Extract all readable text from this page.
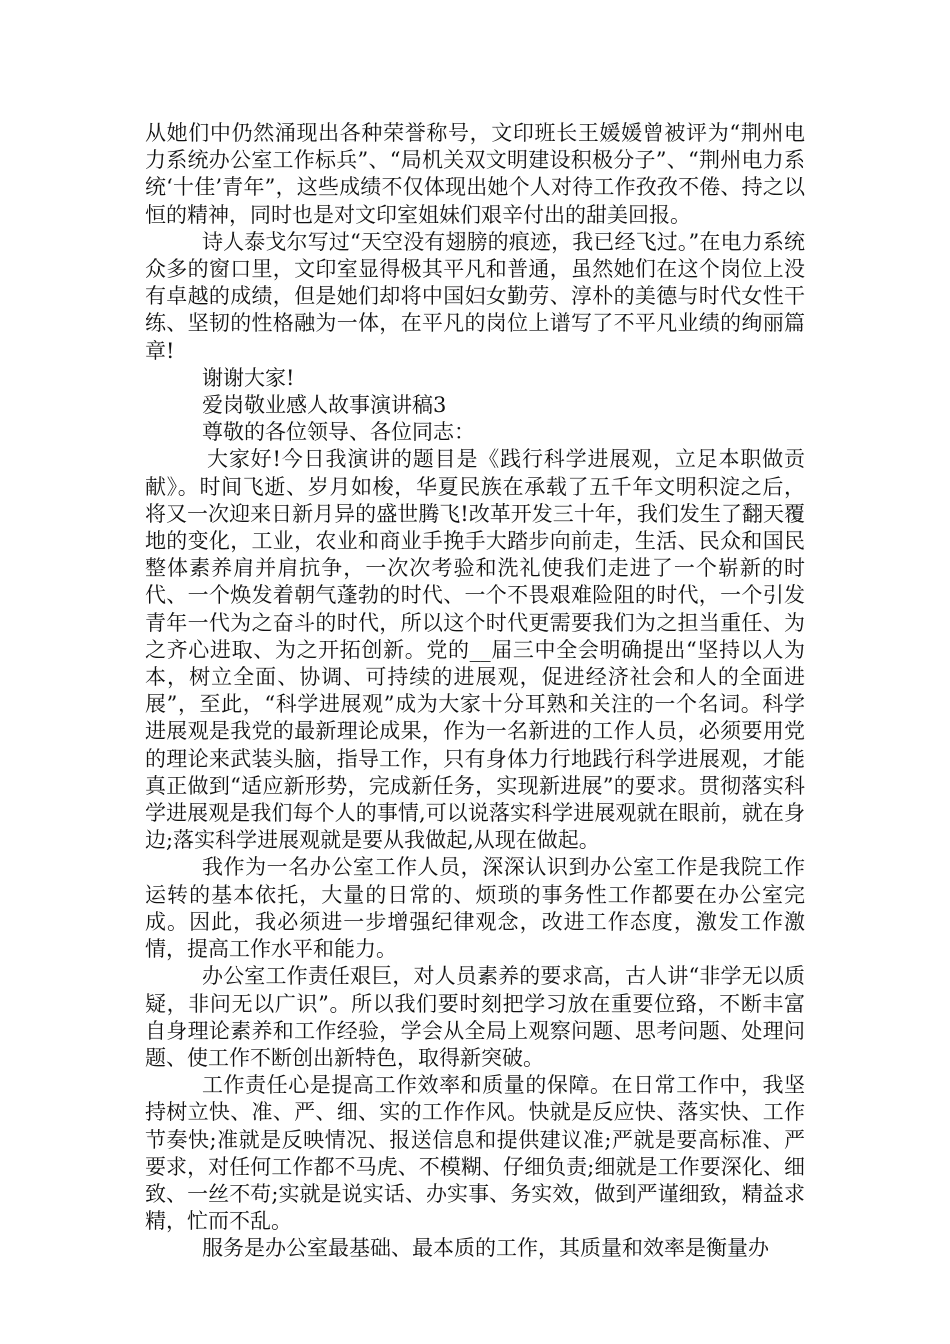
从她们中仍然涌现出各种荣誉称号，文印班长王媛媛曾被评为“荆州电力系统办公室工作标兵”、“局机关双文明建设积极分子”、“荆州电力系统‘十佳’青年”，这些成绩不仅体现出她个人对待工作孜孜不倦、持之以恒的精神，同时也是对文印室姐妹们艰辛付出的甜美回报。

诗人泰戈尔写过“天空没有翅膀的痕迹，我已经飞过。”在电力系统众多的窗口里，文印室显得极其平凡和普通，虽然她们在这个岗位上没有卓越的成绩，但是她们却将中国妇女勤劳、淳朴的美德与时代女性干练、坚韧的性格融为一体，在平凡的岗位上谱写了不平凡业绩的绚丽篇章!

谢谢大家!

爱岗敬业感人故事演讲稿3

尊敬的各位领导、各位同志：

大家好!今日我演讲的题目是《践行科学进展观，立足本职做贡献》。时间飞逝、岁月如梭，华夏民族在承载了五千年文明积淀之后，将又一次迎来日新月异的盛世腾飞!改革开发三十年，我们发生了翻天覆地的变化，工业，农业和商业手挽手大踏步向前走，生活、民众和国民整体素养肩并肩抗争，一次次考验和洗礼使我们走进了一个崭新的时代、一个焕发着朝气蓬勃的时代、一个不畏艰难险阻的时代，一个引发青年一代为之奋斗的时代，所以这个时代更需要我们为之担当重任、为之齐心进取、为之开拓创新。党的__届三中全会明确提出“坚持以人为本，树立全面、协调、可持续的进展观，促进经济社会和人的全面进展”，至此，“科学进展观”成为大家十分耳熟和关注的一个名词。科学进展观是我党的最新理论成果，作为一名新进的工作人员，必须要用党的理论来武装头脑，指导工作，只有身体力行地践行科学进展观，才能真正做到“适应新形势，完成新任务，实现新进展”的要求。贯彻落实科学进展观是我们每个人的事情,可以说落实科学进展观就在眼前，就在身边;落实科学进展观就是要从我做起,从现在做起。

我作为一名办公室工作人员，深深认识到办公室工作是我院工作运转的基本依托，大量的日常的、烦琐的事务性工作都要在办公室完成。因此，我必须进一步增强纪律观念，改进工作态度，激发工作激情，提高工作水平和能力。

办公室工作责任艰巨，对人员素养的要求高，古人讲“非学无以质疑，非问无以广识”。所以我们要时刻把学习放在重要位臵，不断丰富自身理论素养和工作经验，学会从全局上观察问题、思考问题、处理问题、使工作不断创出新特色，取得新突破。

工作责任心是提高工作效率和质量的保障。在日常工作中，我坚持树立快、准、严、细、实的工作作风。快就是反应快、落实快、工作节奏快;准就是反映情况、报送信息和提供建议准;严就是要高标准、严要求，对任何工作都不马虎、不模糊、仔细负责;细就是工作要深化、细致、一丝不苟;实就是说实话、办实事、务实效，做到严谨细致，精益求精，忙而不乱。

服务是办公室最基础、最本质的工作，其质量和效率是衡量办
